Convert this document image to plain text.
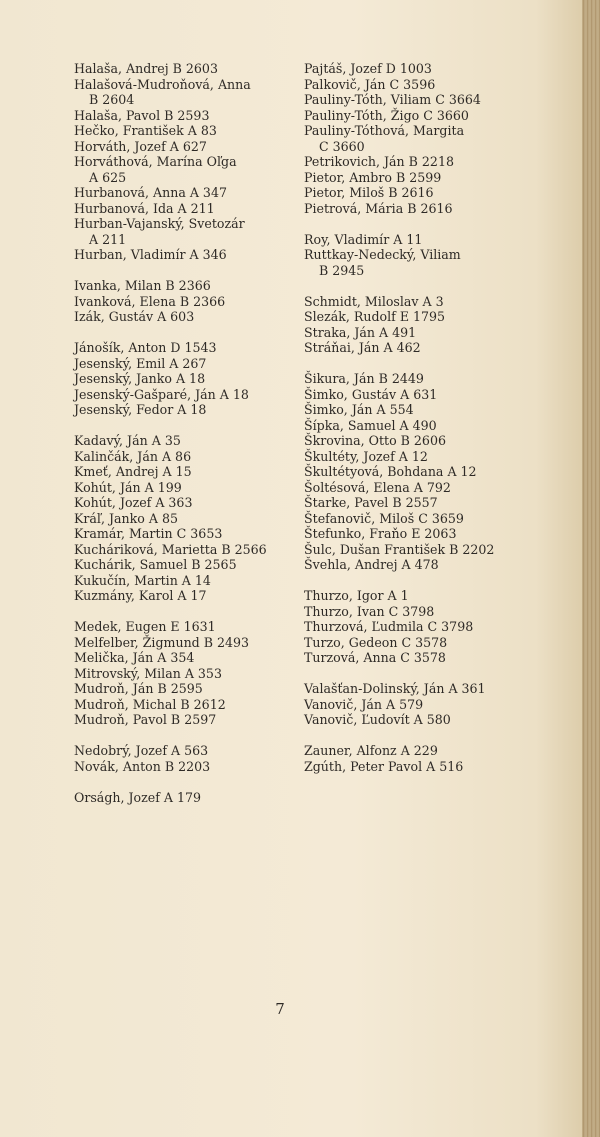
Halaša, Andrej B 2603
Halašová-Mudroňová, Anna
B 2604
Halaša, Pavol B 2593
Hečko, František A 83
Horváth, Jozef A 627
Horváthová, Marína Oľga
A 625
Hurbanová, Anna A 347
Hurbanová, Ida A 211
Hurban-Vajanský, Svetozár
A 211
Hurban, Vladimír A 346
Ivanka, Milan B 2366
Ivanková, Elena B 2366
Izák, Gustáv A 603
Jánošík, Anton D 1543
Jesenský, Emil A 267
Jesenský, Janko A 18
Jesenský-Gašparé, Ján A 18
Jesenský, Fedor A 18
Kadavý, Ján A 35
Kalinčák, Ján A 86
Kmeť, Andrej A 15
Kohút, Ján A 199
Kohút, Jozef A 363
Kráľ, Janko A 85
Kramár, Martin C 3653
Kucháriková, Marietta B 2566
Kuchárik, Samuel B 2565
Kukučín, Martin A 14
Kuzmány, Karol A 17
Medek, Eugen E 1631
Melfelber, Žigmund B 2493
Melička, Ján A 354
Mitrovský, Milan A 353
Mudroň, Ján B 2595
Mudroň, Michal B 2612
Mudroň, Pavol B 2597
Nedobrý, Jozef A 563
Novák, Anton B 2203
Orságh, Jozef A 179
Pajtáš, Jozef D 1003
Palkovič, Ján C 3596
Pauliny-Tóth, Viliam C 3664
Pauliny-Tóth, Žigo C 3660
Pauliny-Tóthová, Margita
C 3660
Petrikovich, Ján B 2218
Pietor, Ambro B 2599
Pietor, Miloš B 2616
Pietrová, Mária B 2616
Roy, Vladimír A 11
Ruttkay-Nedecký, Viliam
B 2945
Schmidt, Miloslav A 3
Slezák, Rudolf E 1795
Straka, Ján A 491
Stráňai, Ján A 462
Šikura, Ján B 2449
Šimko, Gustáv A 631
Šimko, Ján A 554
Šípka, Samuel A 490
Škrovina, Otto B 2606
Škultéty, Jozef A 12
Škultétyová, Bohdana A 12
Šoltésová, Elena A 792
Štarke, Pavel B 2557
Štefanovič, Miloš C 3659
Štefunko, Fraňo E 2063
Šulc, Dušan František B 2202
Švehla, Andrej A 478
Thurzo, Igor A 1
Thurzo, Ivan C 3798
Thurzová, Ľudmila C 3798
Turzo, Gedeon C 3578
Turzová, Anna C 3578
Valašťan-Dolinský, Ján A 361
Vanovič, Ján A 579
Vanovič, Ľudovít A 580
Zauner, Alfonz A 229
Zgúth, Peter Pavol A 516
7
